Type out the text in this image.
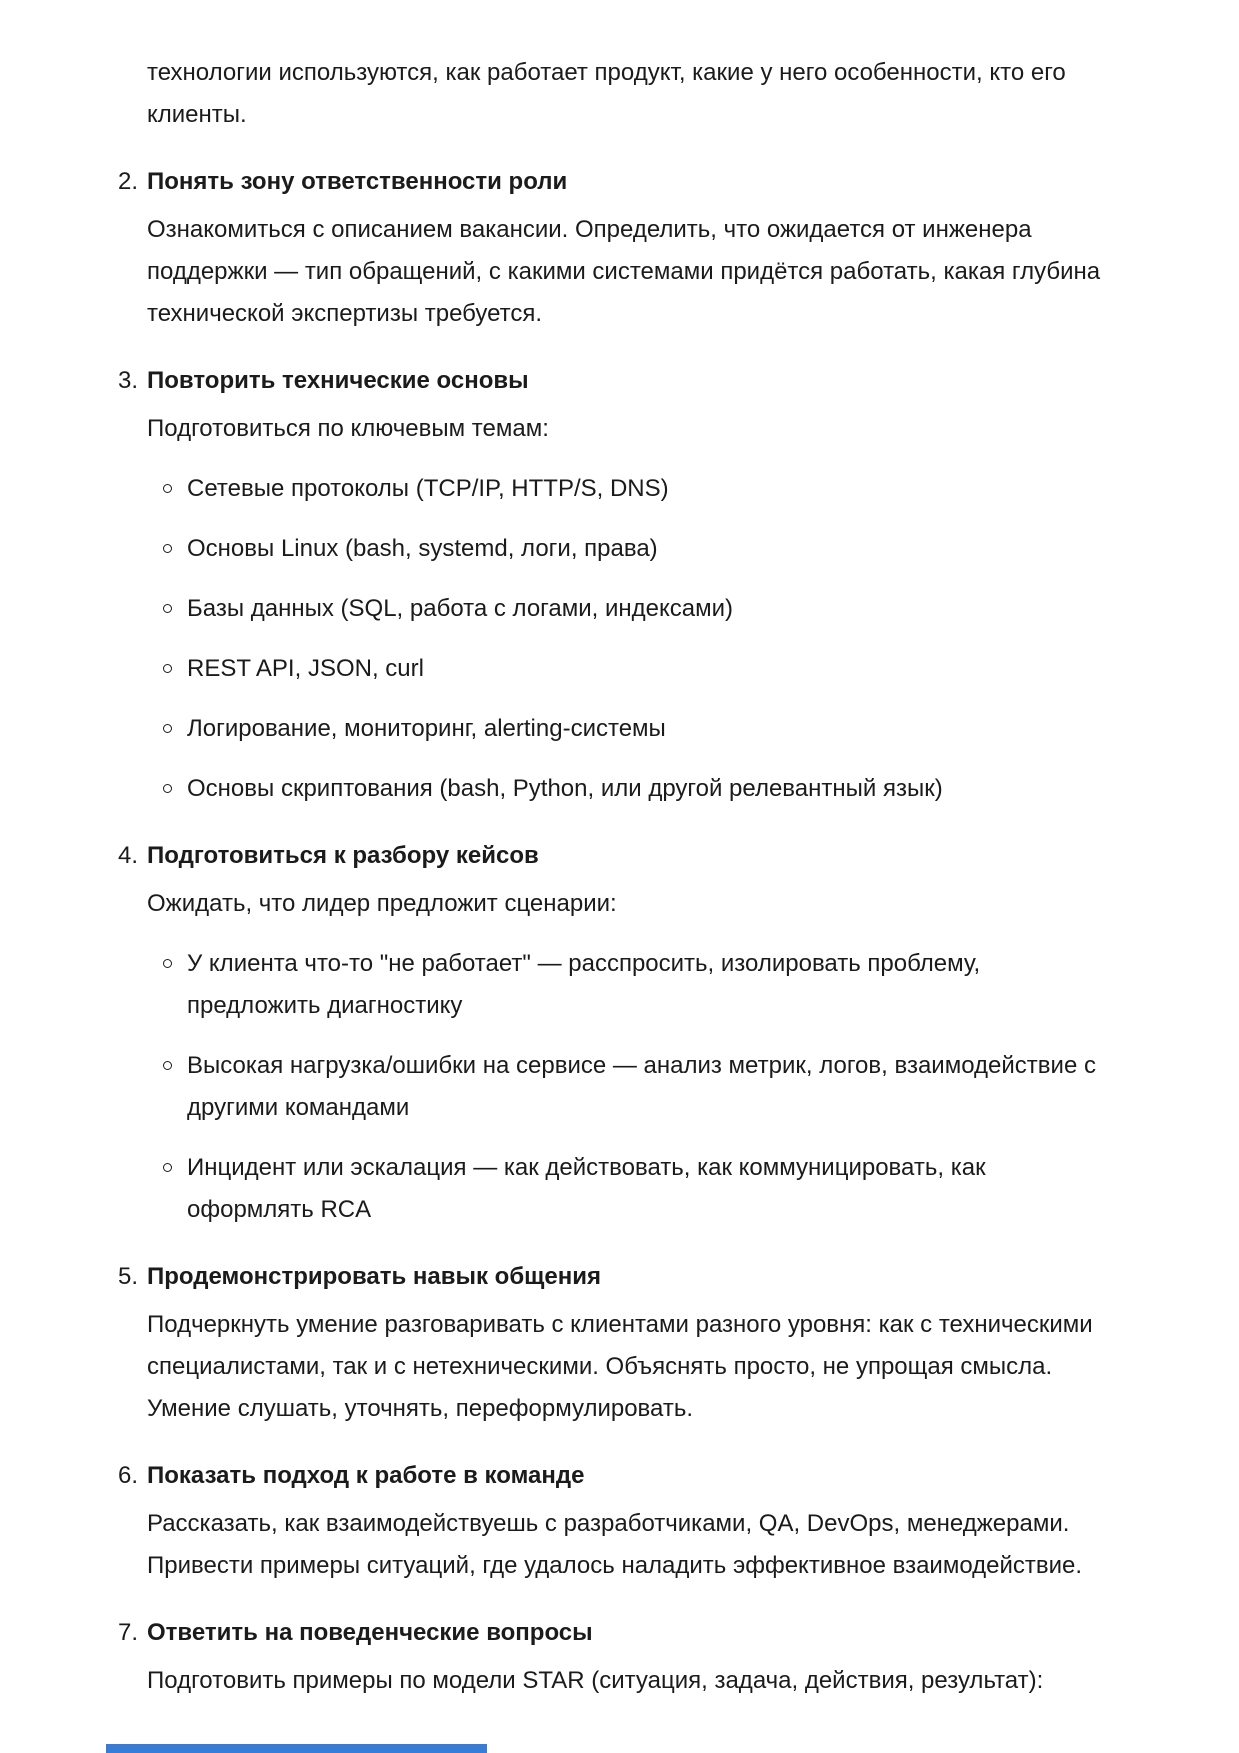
технологии используются, как работает продукт, какие у него особенности, кто его
клиенты.
2. Понять зону ответственности роли
Ознакомиться с описанием вакансии. Определить, что ожидается от инженера
поддержки — тип обращений, с какими системами придётся работать, какая глубина
технической экспертизы требуется.
3. Повторить технические основы
Подготовиться по ключевым темам:
Сетевые протоколы (TCP/IP, HTTP/S, DNS)
Основы Linux (bash, systemd, логи, права)
Базы данных (SQL, работа с логами, индексами)
REST API, JSON, curl
Логирование, мониторинг, alerting-системы
Основы скриптования (bash, Python, или другой релевантный язык)
4. Подготовиться к разбору кейсов
Ожидать, что лидер предложит сценарии:
У клиента что-то "не работает" — расспросить, изолировать проблему,
предложить диагностику
Высокая нагрузка/ошибки на сервисе — анализ метрик, логов, взаимодействие с
другими командами
Инцидент или эскалация — как действовать, как коммуницировать, как
оформлять RCA
5. Продемонстрировать навык общения
Подчеркнуть умение разговаривать с клиентами разного уровня: как с техническими
специалистами, так и с нетехническими. Объяснять просто, не упрощая смысла.
Умение слушать, уточнять, переформулировать.
6. Показать подход к работе в команде
Рассказать, как взаимодействуешь с разработчиками, QA, DevOps, менеджерами.
Привести примеры ситуаций, где удалось наладить эффективное взаимодействие.
7. Ответить на поведенческие вопросы
Подготовить примеры по модели STAR (ситуация, задача, действия, результат):
